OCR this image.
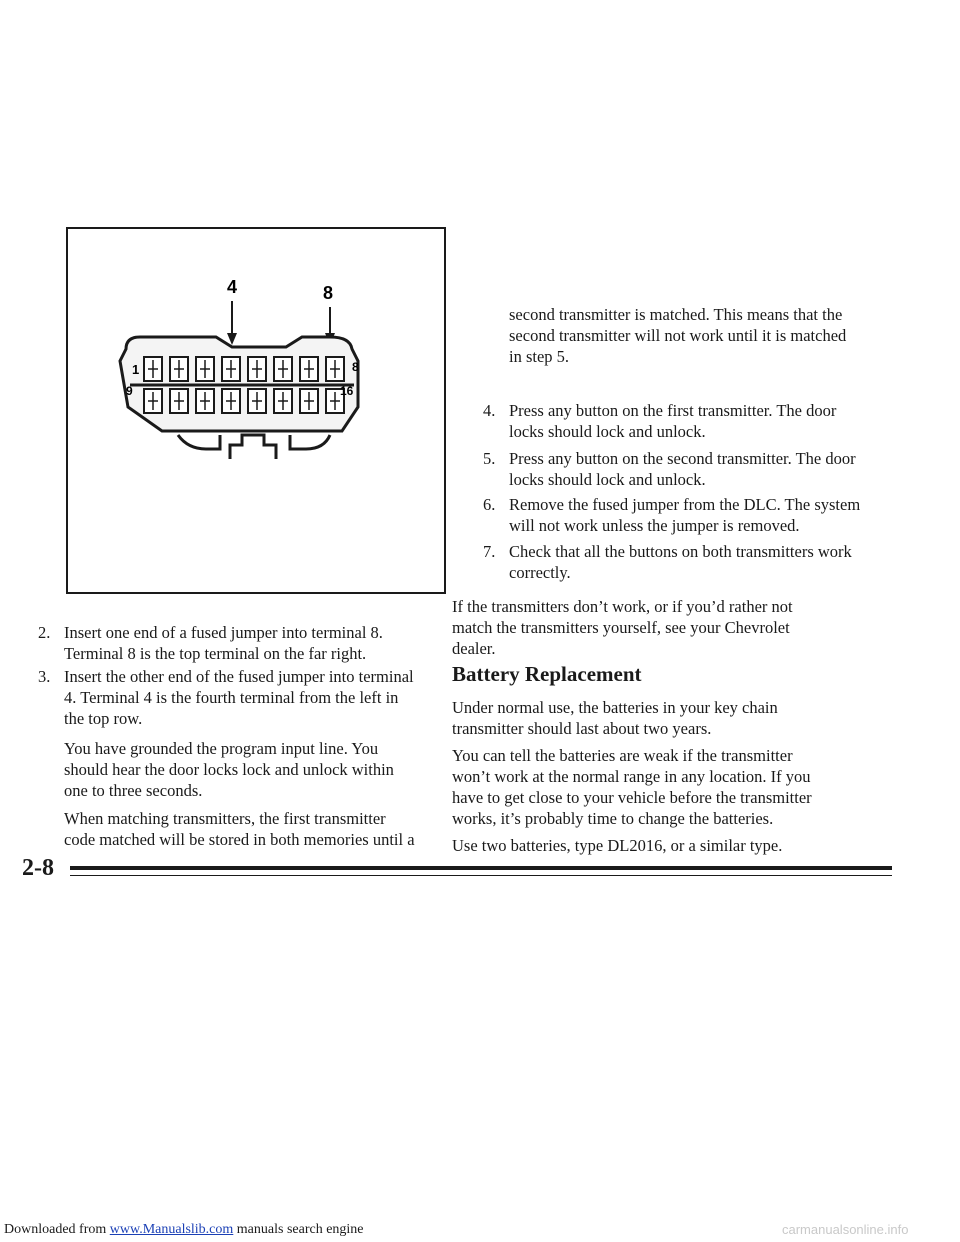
4	8
1	8
9	16
2. Insert one end of a fused jumper into terminal 8.
Terminal 8 is the top terminal on the far right.
3. Insert the other end of the fused jumper into terminal
4. Terminal 4 is the fourth terminal from the left in
the top row.
You have grounded the program input line. You
should hear the door locks lock and unlock within
one to three seconds.
When matching transmitters, the first transmitter
code matched will be stored in both memories until a
second transmitter is matched. This means that the
second transmitter will not work until it is matched
in step 5.
4. Press any button on the first transmitter. The door
locks should lock and unlock.
5. Press any button on the second transmitter. The door
locks should lock and unlock.
6. Remove the fused jumper from the DLC. The system
will not work unless the jumper is removed.
7. Check that all the buttons on both transmitters work
correctly.
If the transmitters don’t work, or if you’d rather not
match the transmitters yourself, see your Chevrolet
dealer.
Battery Replacement
Under normal use, the batteries in your key chain
transmitter should last about two years.
You can tell the batteries are weak if the transmitter
won’t work at the normal range in any location. If you
have to get close to your vehicle before the transmitter
works, it’s probably time to change the batteries.
Use two batteries, type DL2016, or a similar type.
2-8
Downloaded from www.Manualslib.com manuals search engine	carmanualsonline.info
